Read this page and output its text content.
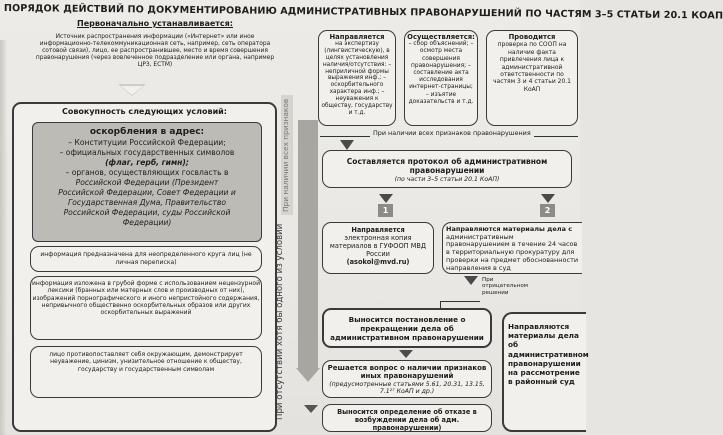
ПОРЯДОК ДЕЙСТВИЙ ПО ДОКУМЕНТИРОВАНИЮ АДМИНИСТРАТИВНЫХ ПРАВОНАРУШЕНИЙ ПО ЧАСТЯМ 3–5 СТАТЬИ 20.1 КОАП
Первоначально устанавливается:

Источник распространения информации («Интернет» или иное информационно-телекоммуникационная сеть, например, сеть оператора сотовой связи), лицо, ее распространившее, место и время совершения правонарушения (через вовлеченное подразделение или органа, например ЦРЗ, ЕСТМ)

Совокупность следующих условий:
оскорбления в адрес:
– Конституции Российской Федерации;
– официальных государственных символов
(флаг, герб, гимн);
– органов, осуществляющих госвласть в
Российской Федерации (Президент
Российской Федерации, Совет Федерации и
Государственная Дума, Правительство
Российской Федерации, суды Российской
Федерации)

информация предназначена для неопределенного круга лиц (не личная переписка)

информация изложена в грубой форме с использованием нецензурной лексики (бранных или матерных слов и производных от них), изображений порнографического и иного непристойного содержания, непривычного общественно оскорбительных образов или других оскорбительных выражений

лицо противопоставляет себя окружающим, демонстрирует неуважение, цинизм, унизительное отношение к обществу, государству и государственным символам

При наличии всех признаков
При отсутствии хотя бы одного из условий
Направляется

на экспертизу (лингвистическую), в целях установления наличия/отсутствия: – неприличной формы выражения инф.; – оскорбительного характера инф.; – неуважения к обществу, государству и т.д.

Осуществляется:

– сбор объяснений; – осмотр места совершения правонарушения; – составление акта исследования интернет-страницы; – изъятие доказательств и т.д.

Проводится

проверка по СООП на наличие факта привлечения лица к административной ответственности по частям 3 и 4 статьи 20.1 КоАП

При наличии всех признаков правонарушения
Составляется протокол об административном правонарушении
(по части 3–5 статьи 20.1 КоАП)
1	2
Направляется

электронная копия материалов в ГУФООП МВД России

(asokol@mvd.ru)
Направляются материалы дела с

административным правонарушением в течение 24 часов в территориальную прокуратуру для проверки на предмет обоснованности направления в суд

При отрицательном решении

Выносится постановление о прекращении дела об административном правонарушении

Решается вопрос о наличии признаков иных правонарушений
(предусмотренные статьями 5.61, 20.31, 13.15, 7.1²⁷ КоАП и др.)

Выносится определение об отказе в возбуждении дела об адм. правонарушении)

Направляются материалы дела об административном правонарушении на рассмотрение в районный суд
